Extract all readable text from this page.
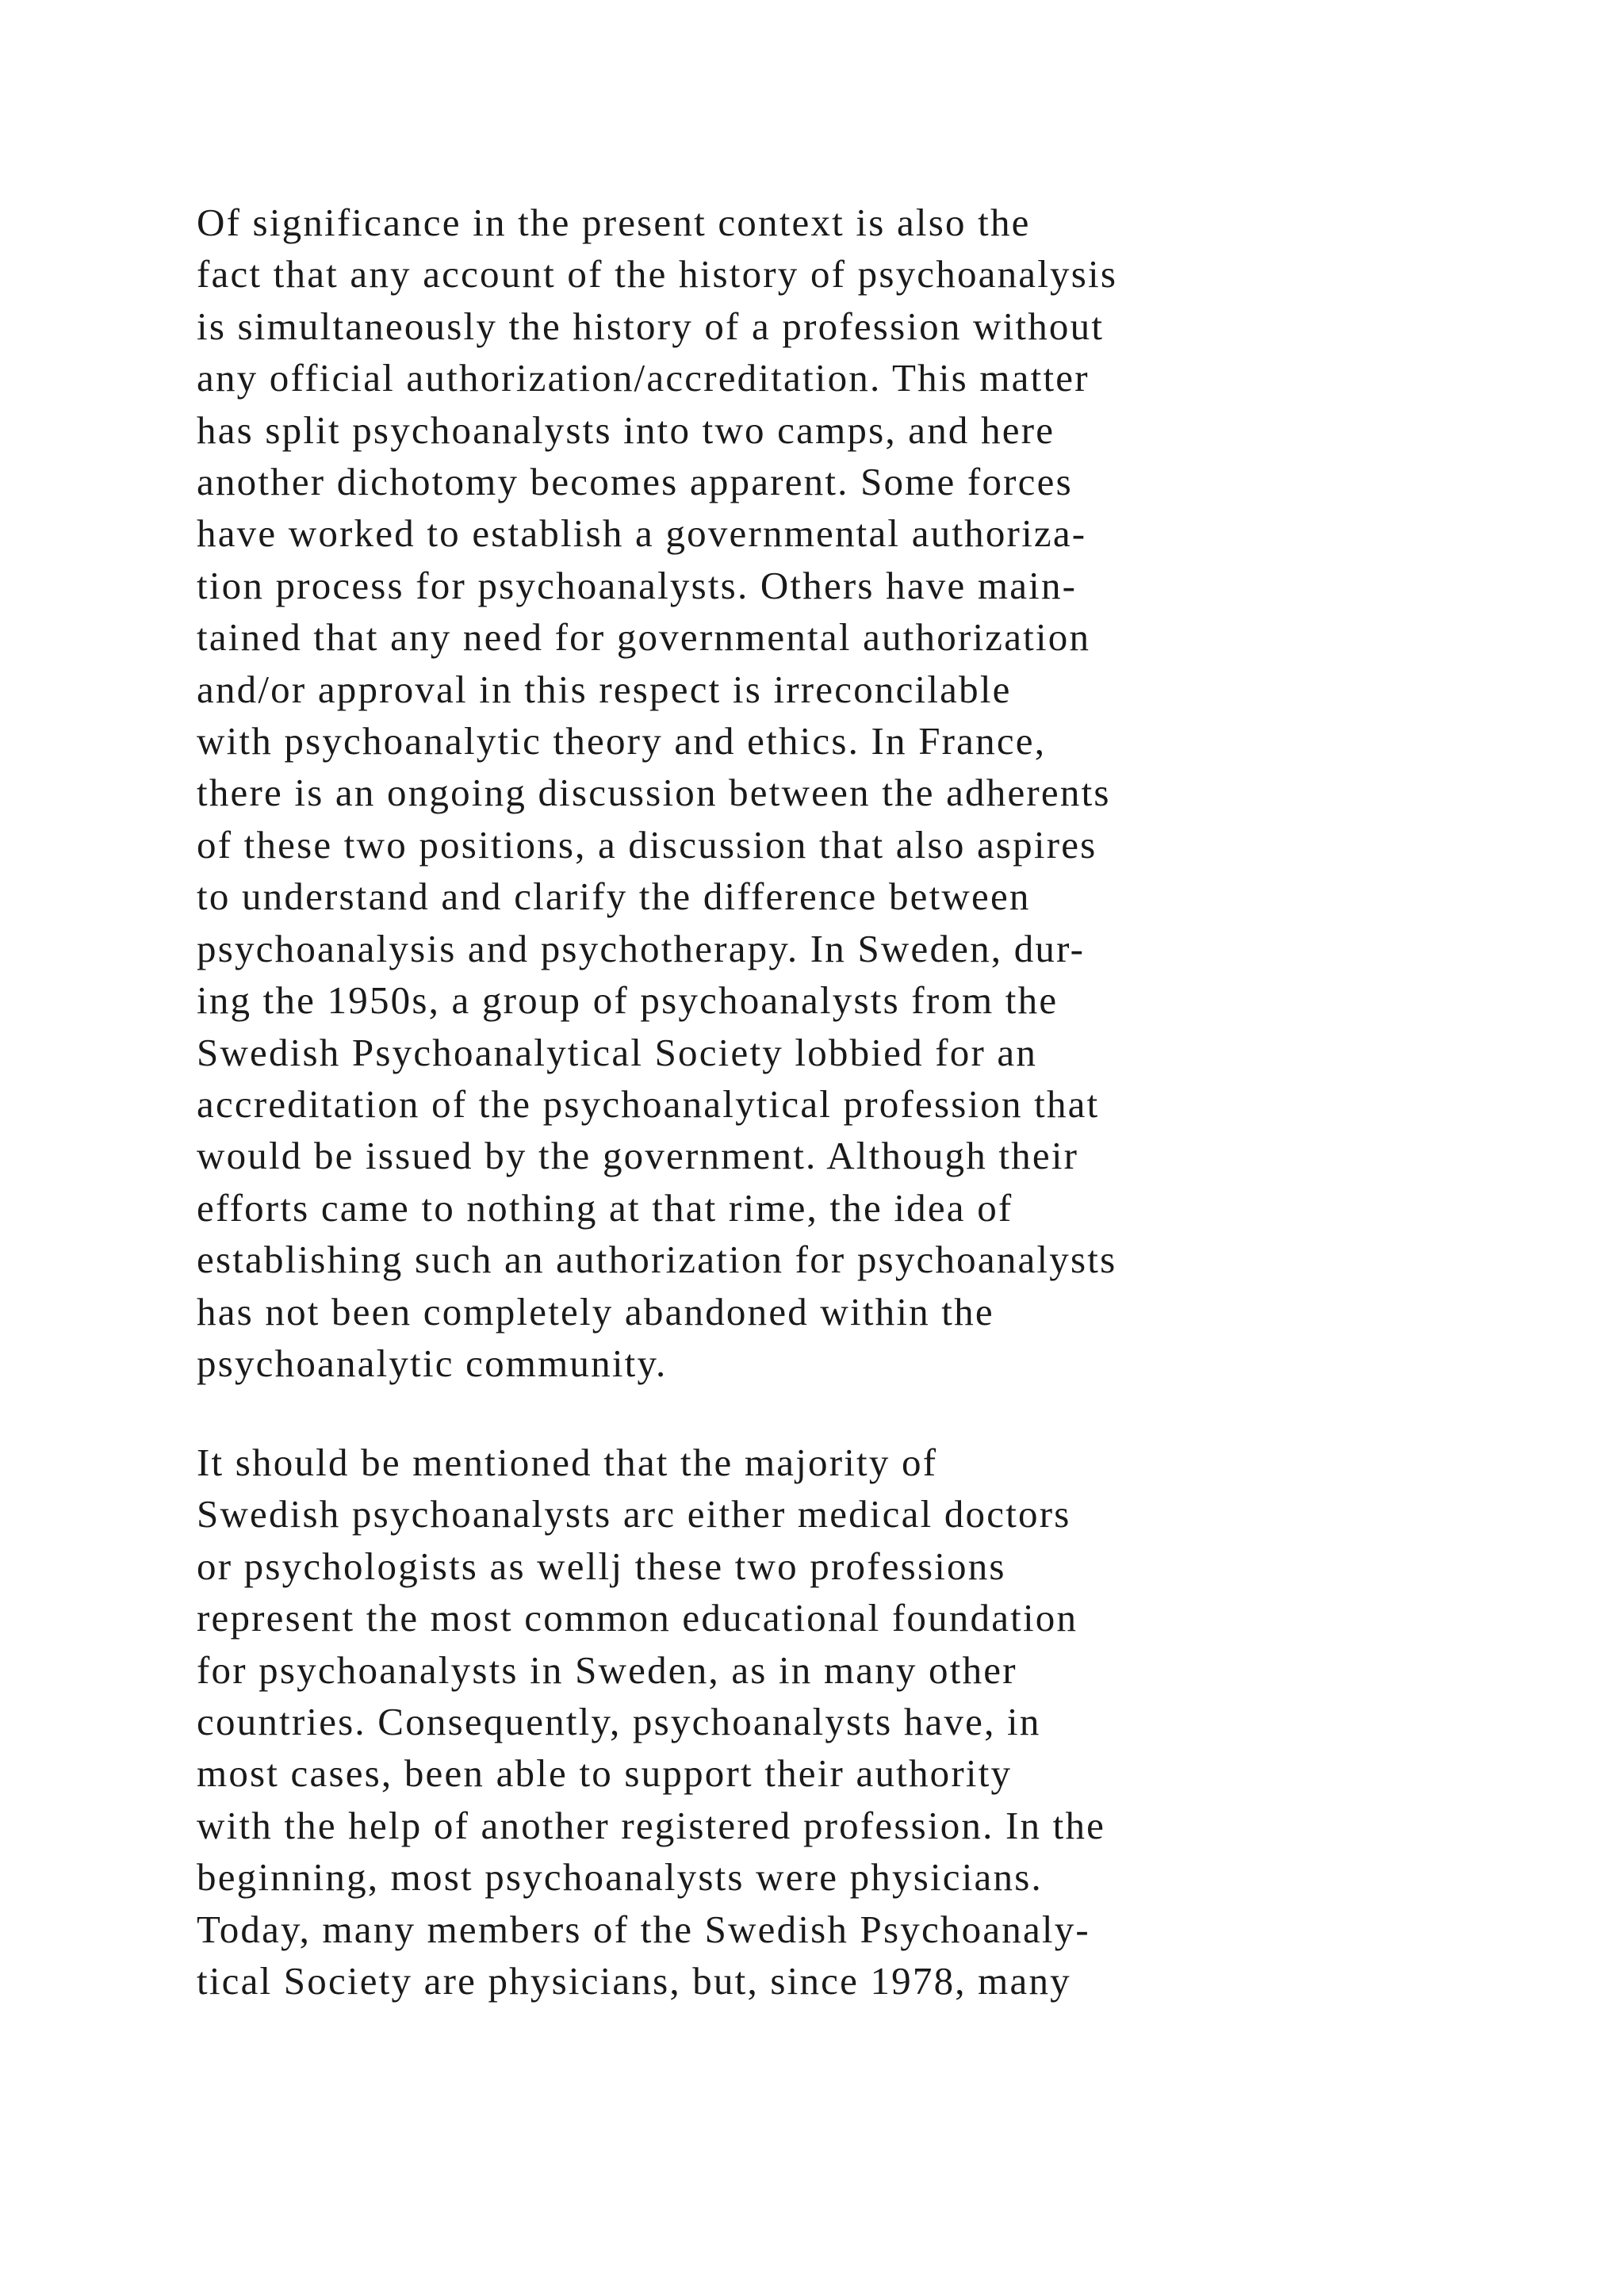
Of significance in the present context is also the
fact that any account of the history of psychoanalysis
is simultaneously the history of a profession without
any official authorization/accreditation. This matter
has split psychoanalysts into two camps, and here
another dichotomy becomes apparent. Some forces
have worked to establish a governmental authoriza-
tion process for psychoanalysts. Others have main-
tained that any need for governmental authorization
and/or approval in this respect is irreconcilable
with psychoanalytic theory and ethics. In France,
there is an ongoing discussion between the adherents
of these two positions, a discussion that also aspires
to understand and clarify the difference between
psychoanalysis and psychotherapy. In Sweden, dur-
ing the 1950s, a group of psychoanalysts from the
Swedish Psychoanalytical Society lobbied for an
accreditation of the psychoanalytical profession that
would be issued by the government. Although their
efforts came to nothing at that rime, the idea of
establishing such an authorization for psychoanalysts
has not been completely abandoned within the
psychoanalytic community.

It should be mentioned that the majority of
Swedish psychoanalysts arc either medical doctors
or psychologists as wellj these two professions
represent the most common educational foundation
for psychoanalysts in Sweden, as in many other
countries. Consequently, psychoanalysts have, in
most cases, been able to support their authority
with the help of another registered profession. In the
beginning, most psychoanalysts were physicians.
Today, many members of the Swedish Psychoanaly-
tical Society are physicians, but, since 1978, many
